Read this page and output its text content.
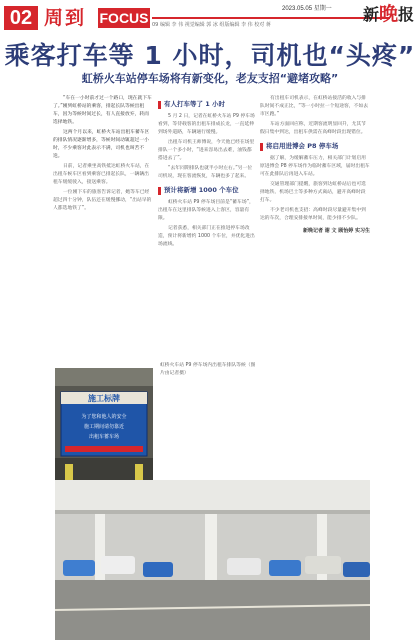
02 周到 FOCUS
2023.05.05 星期一
09 编辑 李 伟 视觉编辑 郭 冰 组版编辑 李 伟 校对 蒋
新晚报
乘客打车等 1 小时，司机也“头疼”
虹桥火车站停车场将有新变化，老友支招“避堵攻略”

“车在一小时前才过一个路口，现在就下车了。”刚到虹桥站的乘客，排起长队等候出租车，因为等候时间过长，有人直接放弃，转而选择地铁。

这两个月以来，虹桥火车站出租车蓄车区的排队情况逐渐增多，等候时间动辄超过一小时，不少乘客对此表示不满，司机也叫苦不迭。

日前，记者乘坐高铁抵达虹桥火车站，在出租车候车区看到乘客已排起长队，一辆辆出租车缓缓驶入，接送乘客。

一位刚下车的旅客告诉记者，她等车已经超过四十分钟，队伍还在缓慢挪动，“出站早的人都选地铁了”。

有人打车等了 1 小时

5 月 2 日，记者在虹桥火车站 P9 停车场看到，等待载客的出租车排成长龙，一直延伸到场外道路，车辆通行缓慢。

出租车司机王师傅说，今天他已经在场里排队一个多小时，“进来容易出去难，油钱都搭进去了”。

“去年同期排队也就半小时左右。”另一位司机说，现在客流恢复，车辆也多了起来。

预计将新增 1000 个车位

虹桥火车站 P9 停车场目前是“蓄车场”，出租车在这里排队等候进入上客区，容量有限。

记者获悉，相关部门正在推进停车场改造，预计将新增约 1000 个车位，并优化进出场流线。

虹桥火车站 P9 停车场内出租车排队等候（图片由记者摄）

有出租车司机表示，在虹桥站接活的收入与排队时间不成正比，“等一小时拉一个短途客，不如去市区跑。”

车站方面回应称，近期客流明显回升，尤其节假日集中到达，出租车供需在高峰时段出现错位。

将启用进博会 P8 停车场

据了解，为缓解蓄车压力，相关部门计划启用原进博会 P8 停车场作为临时蓄车区域，届时出租车可在此排队后再进入车站。

交通管理部门提醒，旅客到达虹桥站后也可选择地铁、机场巴士等多种方式离站，避开高峰时段打车。

不少老司机也支招：高峰时段尽量避开集中到达的车次，合理安排接单时间，能少排不少队。

新晚记者 谢 文 顾怡婷 实习生
施工标牌
为了您和他人的安全
施工期间请勿靠近
出租车蓄车场
